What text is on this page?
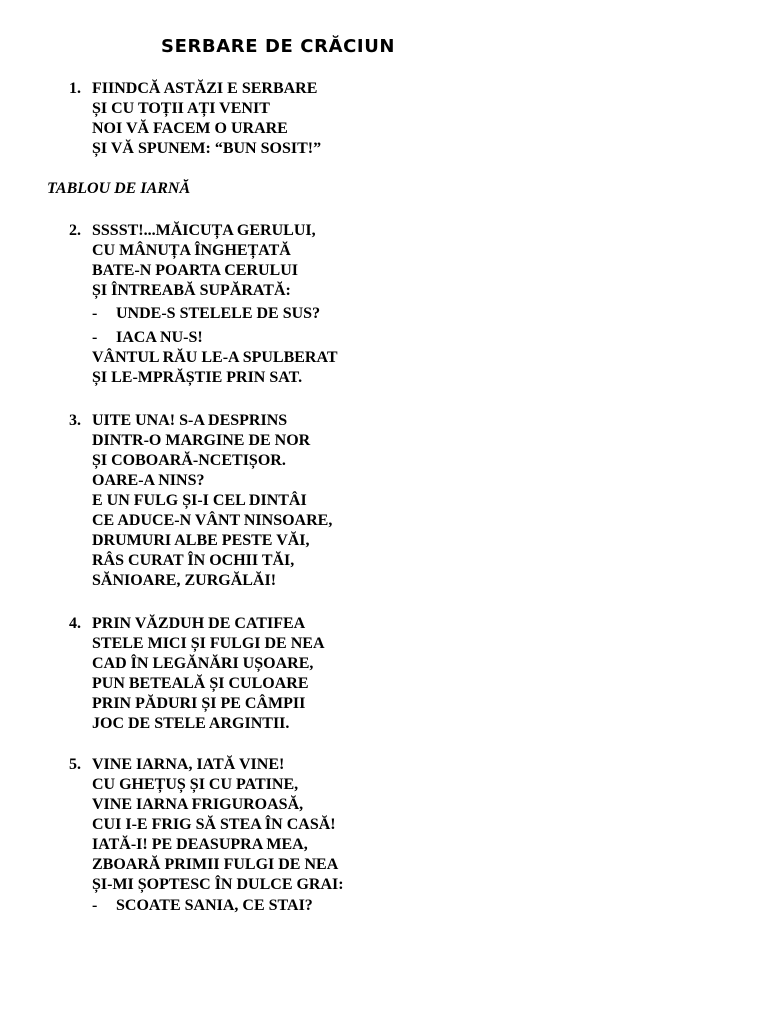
SERBARE DE CRĂCIUN
1. FIINDCĂ ASTĂZI E SERBARE
ȘI CU TOȚII AȚI VENIT
NOI VĂ FACEM O URARE
ȘI VĂ SPUNEM: “BUN SOSIT!”
TABLOU DE IARNĂ
2. SSSST!...MĂICUȚA GERULUI,
CU MÂNUȚA ÎNGHEȚATĂ
BATE-N POARTA CERULUI
ȘI ÎNTREABĂ SUPĂRATĂ:
- UNDE-S STELELE DE SUS?
- IACA NU-S!
VÂNTUL RĂU LE-A SPULBERAT
ȘI LE-MPRĂȘTIE PRIN SAT.
3. UITE UNA! S-A DESPRINS
DINTR-O MARGINE DE NOR
ȘI COBOARĂ-NCETIȘOR.
OARE-A NINS?
E UN FULG ȘI-I CEL DINTÂI
CE ADUCE-N VÂNT NINSOARE,
DRUMURI ALBE PESTE VĂI,
RÂS CURAT ÎN OCHII TĂI,
SĂNIOARE, ZURGĂLĂI!
4. PRIN VĂZDUH DE CATIFEA
STELE MICI ȘI FULGI DE NEA
CAD ÎN LEGĂNĂRI UȘOARE,
PUN BETEALĂ ȘI CULOARE
PRIN PĂDURI ȘI PE CÂMPII
JOC DE STELE ARGINTII.
5. VINE IARNA, IATĂ VINE!
CU GHEȚUȘ ȘI CU PATINE,
VINE IARNA FRIGUROASĂ,
CUI I-E FRIG SĂ STEA ÎN CASĂ!
IATĂ-I! PE DEASUPRA MEA,
ZBOARĂ PRIMII FULGI DE NEA
ȘI-MI ȘOPTESC ÎN DULCE GRAI:
- SCOATE SANIA, CE STAI?
